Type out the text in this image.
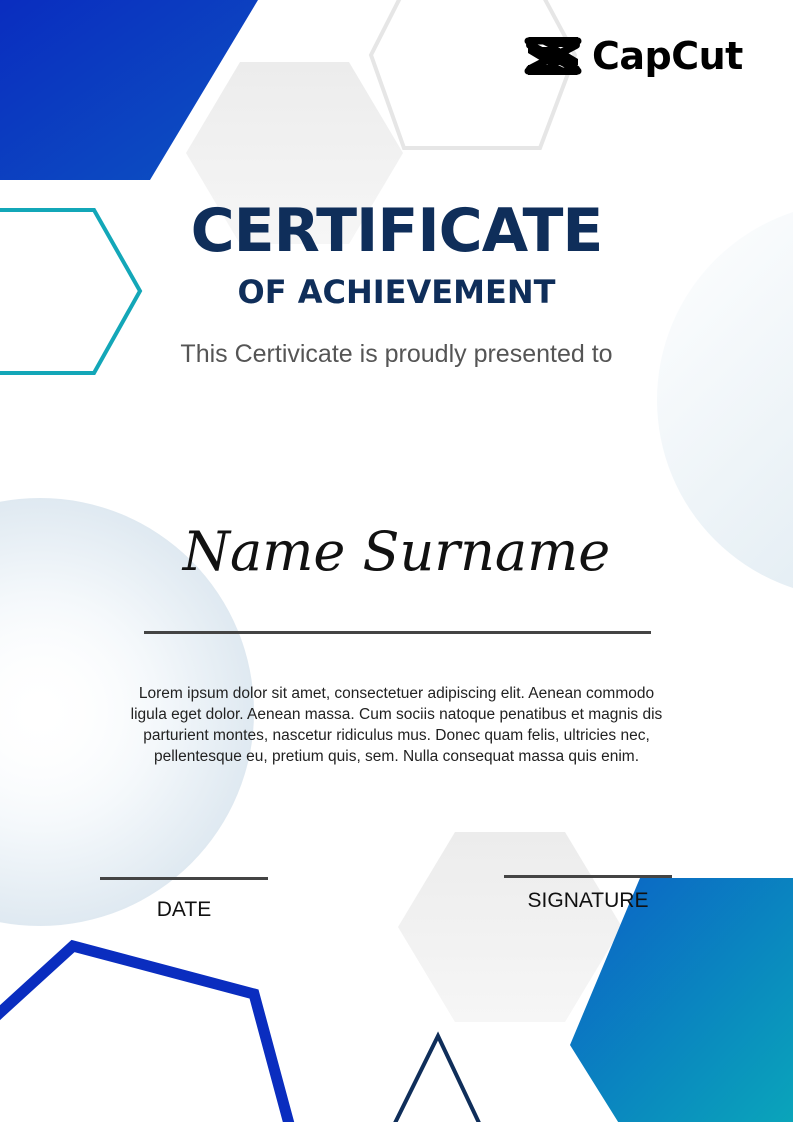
CapCut
CERTIFICATE
OF ACHIEVEMENT
This Certivicate is proudly presented to
Name Surname
Lorem ipsum dolor sit amet, consectetuer adipiscing elit. Aenean commodo ligula eget dolor. Aenean massa. Cum sociis natoque penatibus et magnis dis parturient montes, nascetur ridiculus mus. Donec quam felis, ultricies nec, pellentesque eu, pretium quis, sem. Nulla consequat massa quis enim.
DATE	SIGNATURE
